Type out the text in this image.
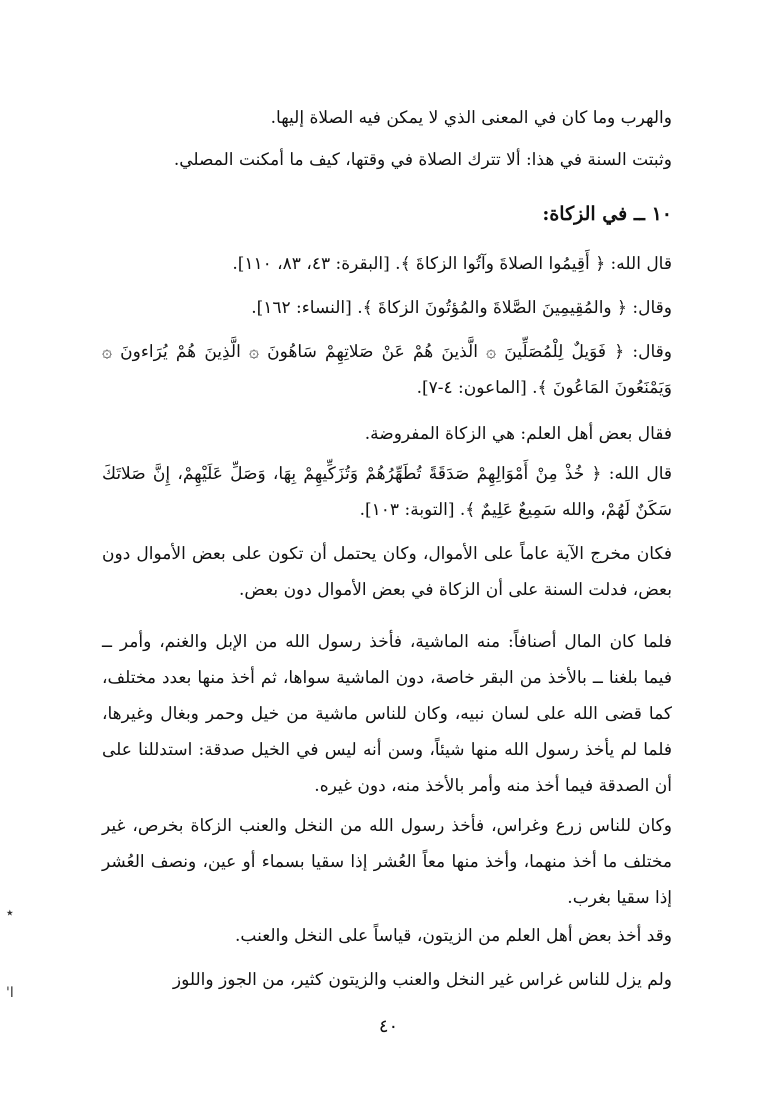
والهرب وما كان في المعنى الذي لا يمكن فيه الصلاة إليها.

وثبتت السنة في هذا: ألا تترك الصلاة في وقتها، كيف ما أمكنت المصلي.

١٠ ــ في الزكاة:

قال الله: ﴿ أَقِيمُوا الصلاةَ وآتُوا الزكاةَ ﴾. [البقرة: ٤٣، ٨٣، ١١٠].

وقال: ﴿ والمُقِيمِينَ الصَّلاةَ والمُؤتُونَ الزكاةَ ﴾. [النساء: ١٦٢].

وقال: ﴿ فَوَيلٌ لِلْمُصَلِّينَ ۞ الَّذينَ هُمْ عَنْ صَلاتِهِمْ سَاهُونَ ۞ الَّذِينَ هُمْ يُرَاءونَ ۞ وَيَمْنَعُونَ المَاعُونَ ﴾. [الماعون: ٤-٧].

فقال بعض أهل العلم: هي الزكاة المفروضة.

قال الله: ﴿ خُذْ مِنْ أَمْوَالِهِمْ صَدَقَةً تُطَهِّرُهُمْ وَتُزَكِّيهِمْ بِهَا، وَصَلِّ عَلَيْهِمْ، إِنَّ صَلاتَكَ سَكَنٌ لَهُمْ، والله سَمِيعٌ عَلِيمٌ ﴾. [التوبة: ١٠٣].

فكان مخرج الآية عاماً على الأموال، وكان يحتمل أن تكون على بعض الأموال دون بعض، فدلت السنة على أن الزكاة في بعض الأموال دون بعض.

فلما كان المال أصنافاً: منه الماشية، فأخذ رسول الله من الإبل والغنم، وأمر ــ فيما بلغنا ــ بالأخذ من البقر خاصة، دون الماشية سواها، ثم أخذ منها بعدد مختلف، كما قضى الله على لسان نبيه، وكان للناس ماشية من خيل وحمر وبغال وغيرها، فلما لم يأخذ رسول الله منها شيئاً، وسن أنه ليس في الخيل صدقة: استدللنا على أن الصدقة فيما أخذ منه وأمر بالأخذ منه، دون غيره.

وكان للناس زرع وغراس، فأخذ رسول الله من النخل والعنب الزكاة بخرص، غير مختلف ما أخذ منهما، وأخذ منها معاً العُشر إذا سقيا بسماء أو عين، ونصف العُشر إذا سقيا بغرب.

وقد أخذ بعض أهل العلم من الزيتون، قياساً على النخل والعنب.

ولم يزل للناس غراس غير النخل والعنب والزيتون كثير، من الجوز واللوز

٤٠
٭
ا'
